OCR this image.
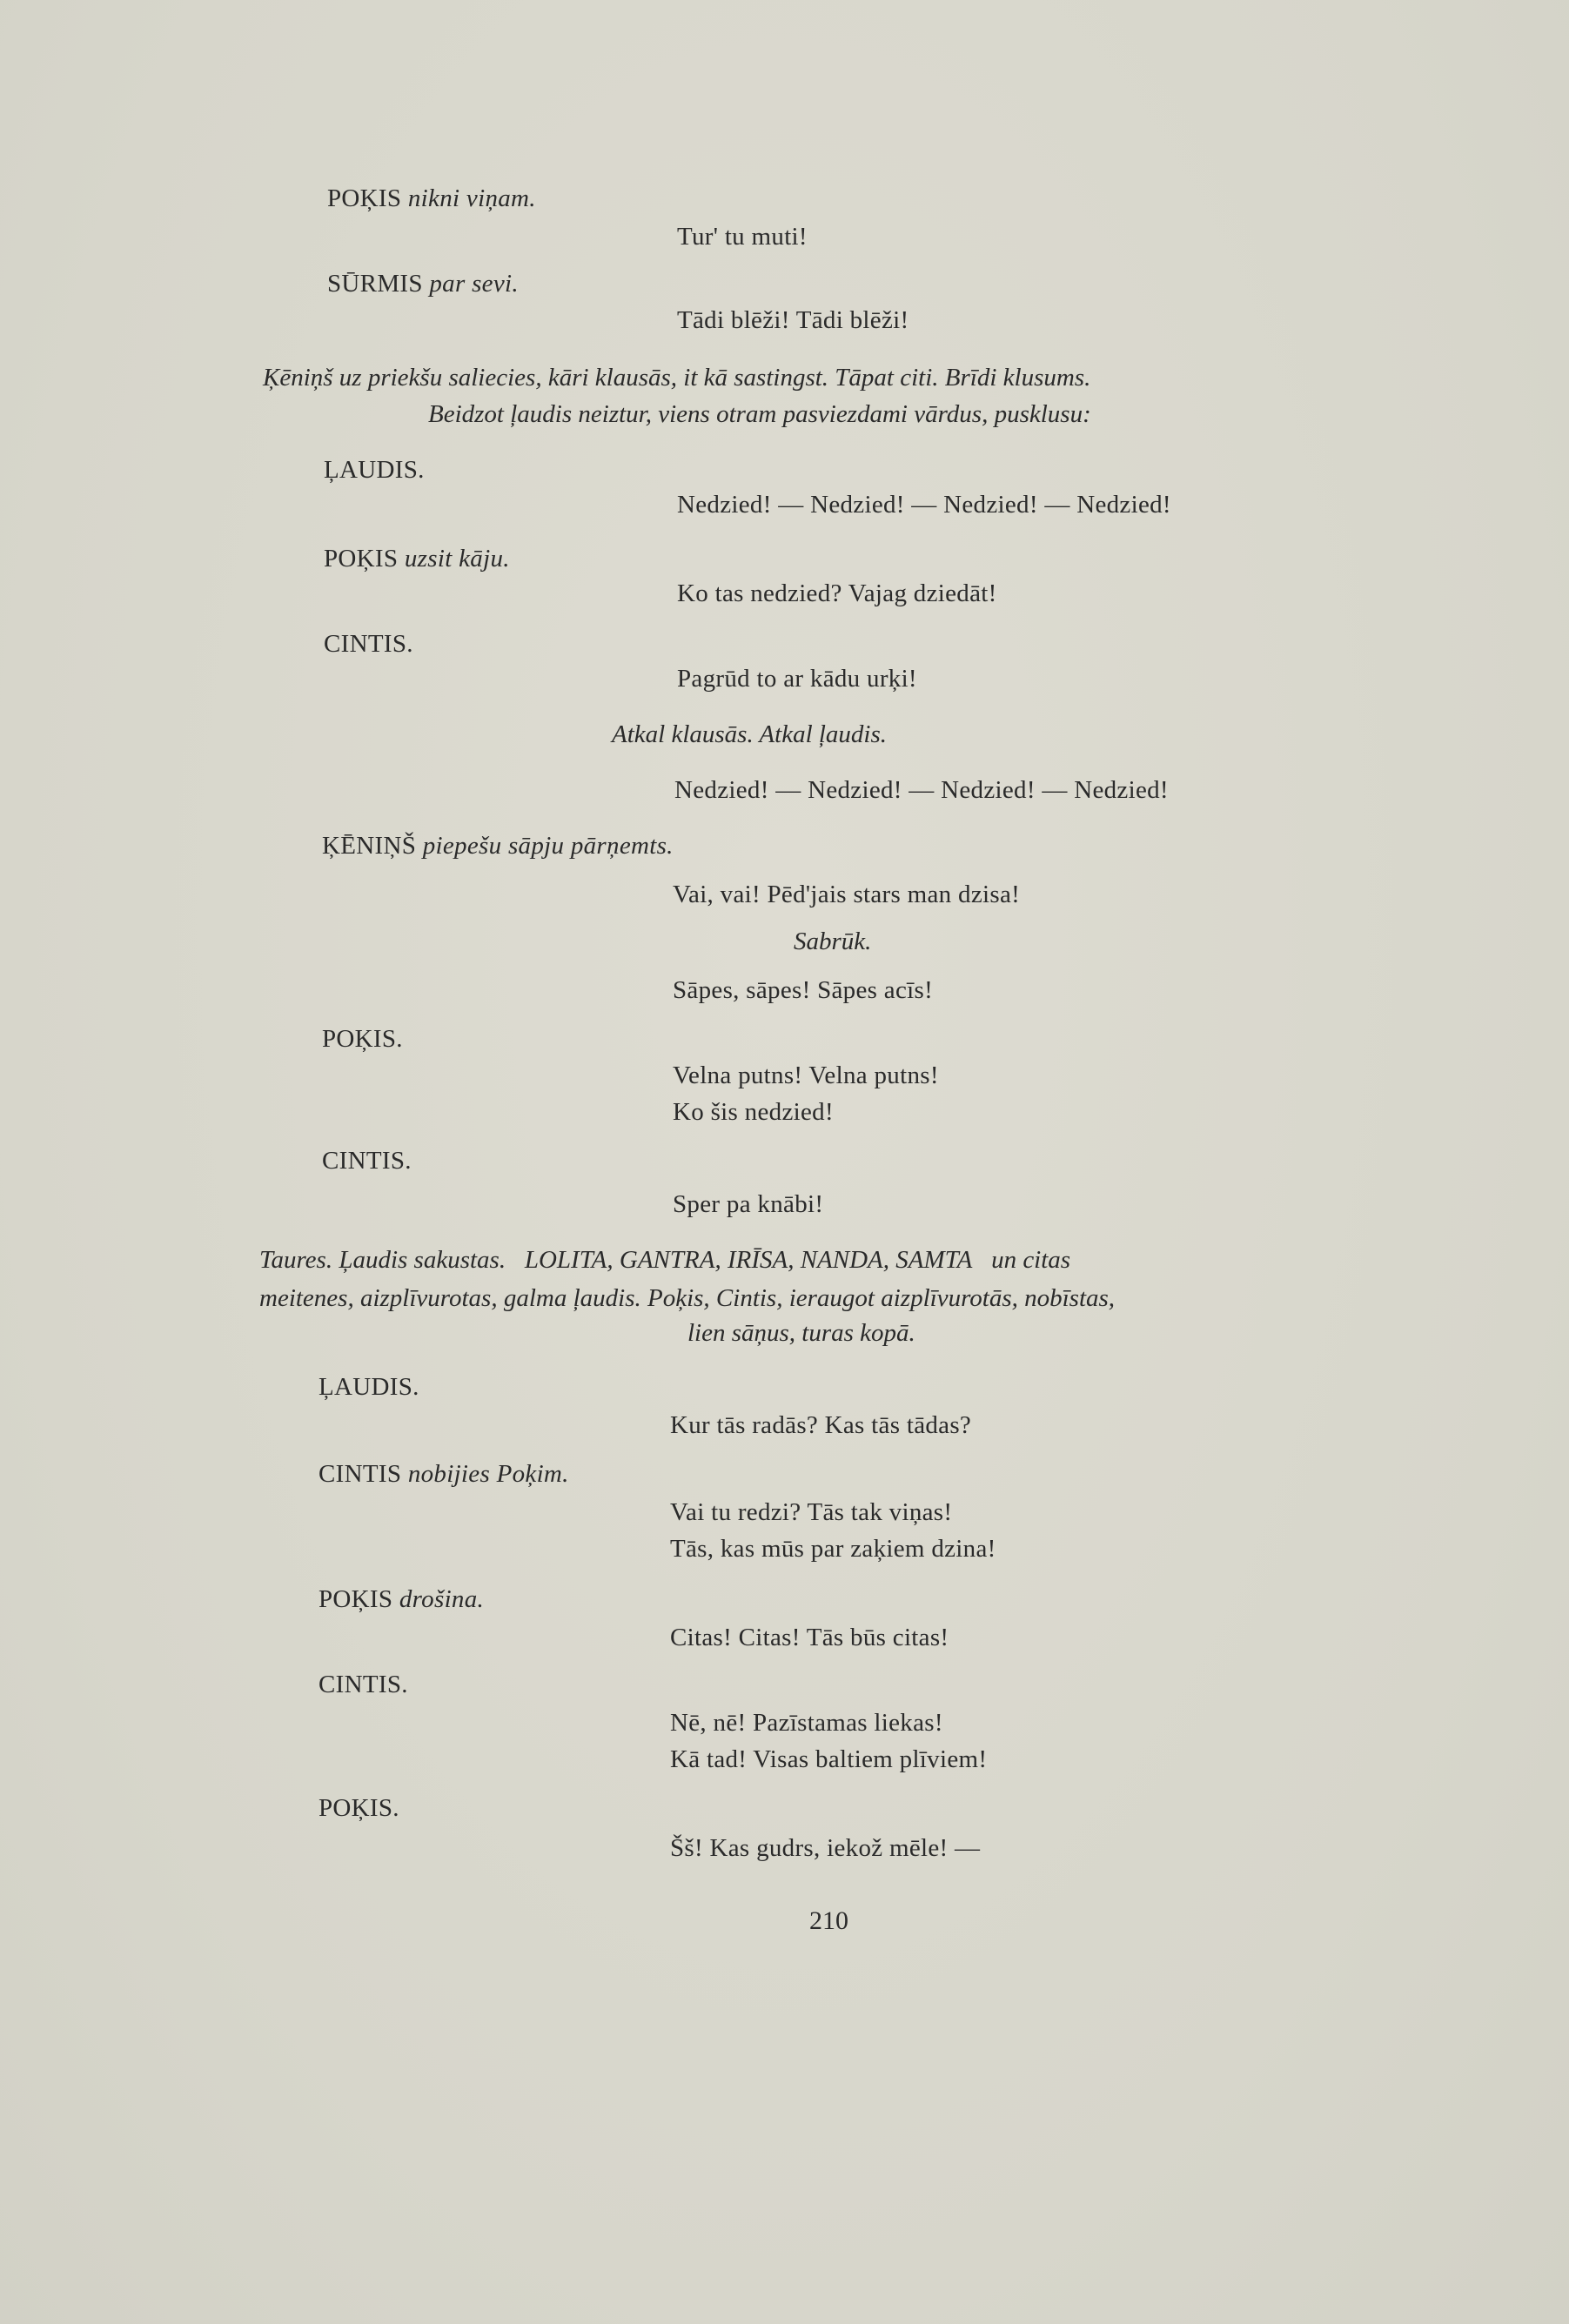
POĶIS nikni viņam.
Tur' tu muti!
SŪRMIS par sevi.
Tādi blēži! Tādi blēži!
Ķēniņš uz priekšu saliecies, kāri klausās, it kā sastingst. Tāpat citi. Brīdi klusums.
Beidzot ļaudis neiztur, viens otram pasviezdami vārdus, pusklusu:
ĻAUDIS.
Nedzied! — Nedzied! — Nedzied! — Nedzied!
POĶIS uzsit kāju.
Ko tas nedzied? Vajag dziedāt!
CINTIS.
Pagrūd to ar kādu urķi!
Atkal klausās. Atkal ļaudis.
Nedzied! — Nedzied! — Nedzied! — Nedzied!
ĶĒNIŅŠ piepešu sāpju pārņemts.
Vai, vai! Pēd'jais stars man dzisa!
Sabrūk.
Sāpes, sāpes! Sāpes acīs!
POĶIS.
Velna putns! Velna putns!
Ko šis nedzied!
CINTIS.
Sper pa knābi!
Taures. Ļaudis sakustas. LOLITA, GANTRA, IRĪSA, NANDA, SAMTA un citas
meitenes, aizplīvurotas, galma ļaudis. Poķis, Cintis, ieraugot aizplīvurotās, nobīstas,
lien sāņus, turas kopā.
ĻAUDIS.
Kur tās radās? Kas tās tādas?
CINTIS nobijies Poķim.
Vai tu redzi? Tās tak viņas!
Tās, kas mūs par zaķiem dzina!
POĶIS drošina.
Citas! Citas! Tās būs citas!
CINTIS.
Nē, nē! Pazīstamas liekas!
Kā tad! Visas baltiem plīviem!
POĶIS.
Šš! Kas gudrs, iekož mēle! —
210
